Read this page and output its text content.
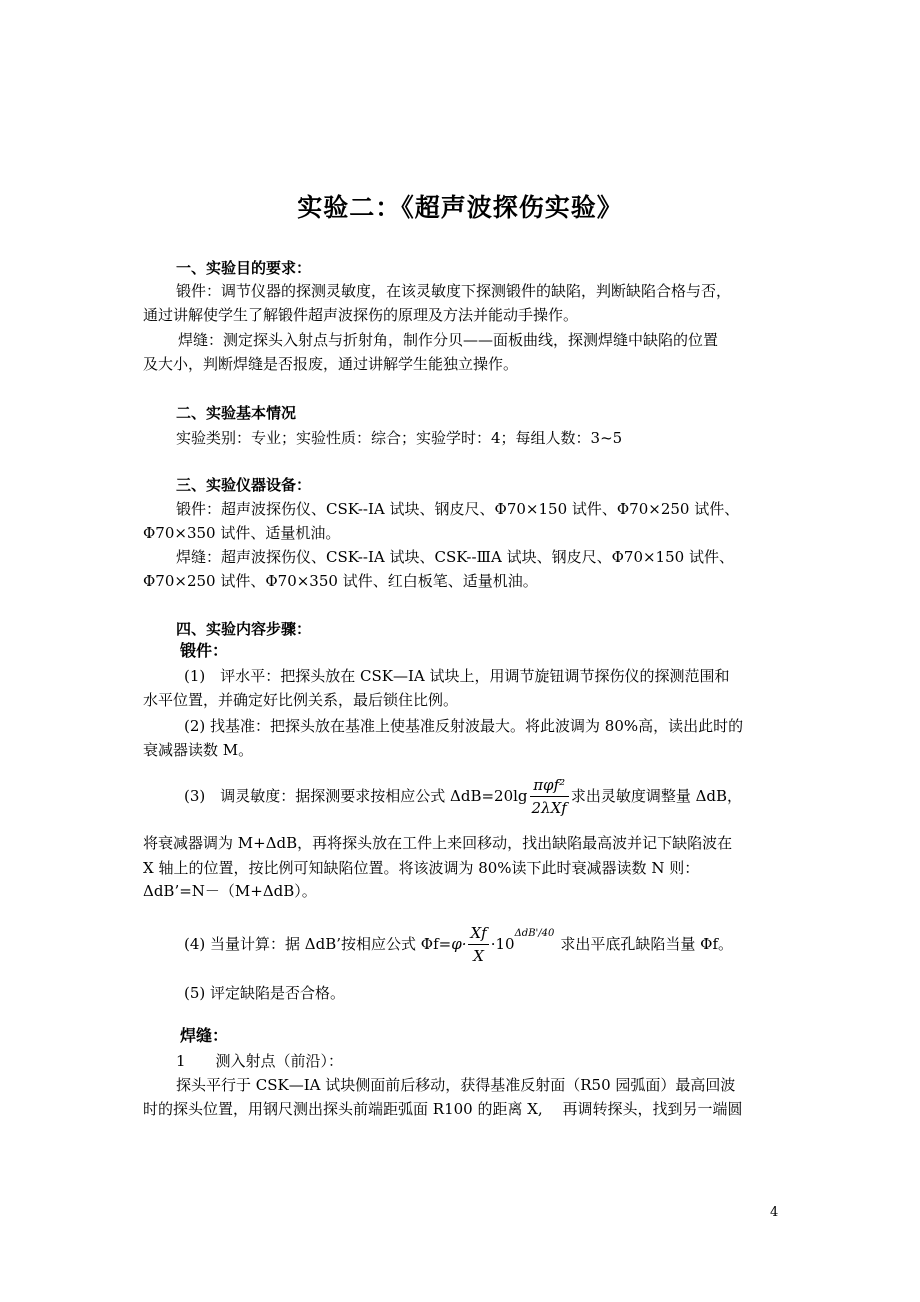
实验二：《超声波探伤实验》
一、实验目的要求：
锻件：调节仪器的探测灵敏度，在该灵敏度下探测锻件的缺陷，判断缺陷合格与否，
通过讲解使学生了解锻件超声波探伤的原理及方法并能动手操作。
焊缝：测定探头入射点与折射角，制作分贝——面板曲线，探测焊缝中缺陷的位置
及大小，判断焊缝是否报废，通过讲解学生能独立操作。
二、实验基本情况
实验类别：专业；实验性质：综合；实验学时：4；每组人数：3~5
三、实验仪器设备：
锻件：超声波探伤仪、CSK--ⅠA 试块、钢皮尺、Φ70×150 试件、Φ70×250 试件、
Φ70×350 试件、适量机油。
焊缝：超声波探伤仪、CSK--ⅠA 试块、CSK--ⅢA 试块、钢皮尺、Φ70×150 试件、
Φ70×250 试件、Φ70×350 试件、红白板笔、适量机油。
四、实验内容步骤：
锻件：
(1)　评水平：把探头放在 CSK—ⅠA 试块上，用调节旋钮调节探伤仪的探测范围和
水平位置，并确定好比例关系，最后锁住比例。
(2) 找基准：把探头放在基准上使基准反射波最大。将此波调为 80%高，读出此时的
衰减器读数 M。
(3)　调灵敏度：据探测要求按相应公式 $\Delta dB=20\lg \frac{\text{πφf²}}{\text{2λXf}}$ 求出灵敏度调整量 ΔdB，
将衰减器调为 M+ΔdB，再将探头放在工件上来回移动，找出缺陷最高波并记下缺陷波在
X 轴上的位置，按比例可知缺陷位置。将该波调为 80%读下此时衰减器读数 N 则：
ΔdB’=N－（M+ΔdB）。
(4) 当量计算：据 ΔdB’按相应公式 $\Phi f= \varphi\cdot \frac{Xf}{X} \cdot 10$
$^{\Delta dB'/40}$
求出平底孔缺陷当量 Φf。
(5) 评定缺陷是否合格。
焊缝：
1　　测入射点（前沿）：
探头平行于 CSK—ⅠA 试块侧面前后移动，获得基准反射面（R50 园弧面）最高回波
时的探头位置，用钢尺测出探头前端距弧面 R100 的距离 X,　 再调转探头，找到另一端圆
4
